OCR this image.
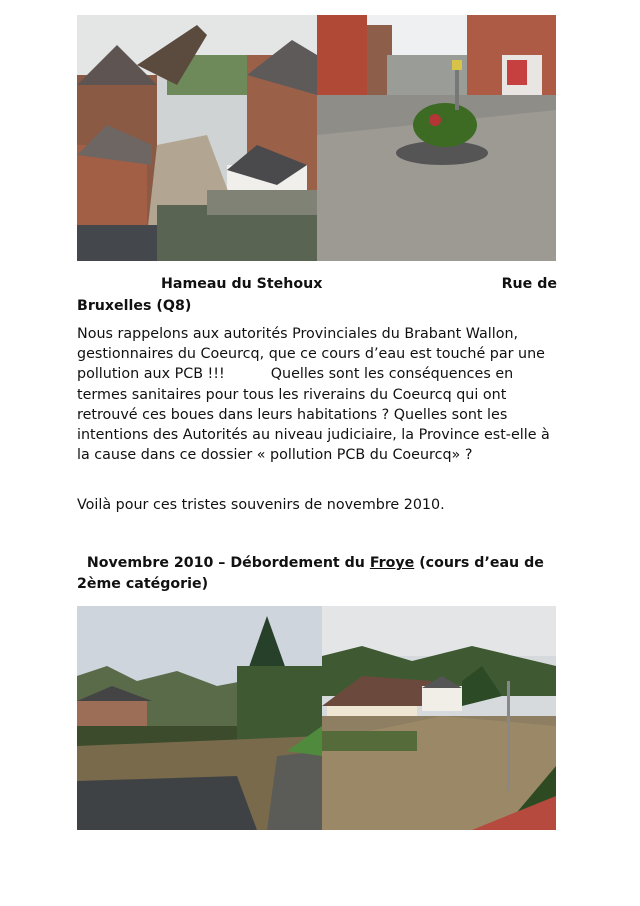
Hameau du Stehoux	Rue de
Bruxelles (Q8)
Nous rappelons aux autorités Provinciales du Brabant Wallon, gestionnaires du Coeurcq, que ce cours d’eau est touché par une pollution aux PCB !!!	Quelles sont les conséquences en termes sanitaires pour tous les riverains du Coeurcq qui ont retrouvé ces boues dans leurs habitations ? Quelles sont les intentions des Autorités au niveau judiciaire, la Province est-elle à la cause dans ce dossier « pollution PCB du Coeurcq» ?
Voilà pour ces tristes souvenirs de novembre 2010.
Novembre 2010 – Débordement du Froye (cours d’eau de 2ème catégorie)
